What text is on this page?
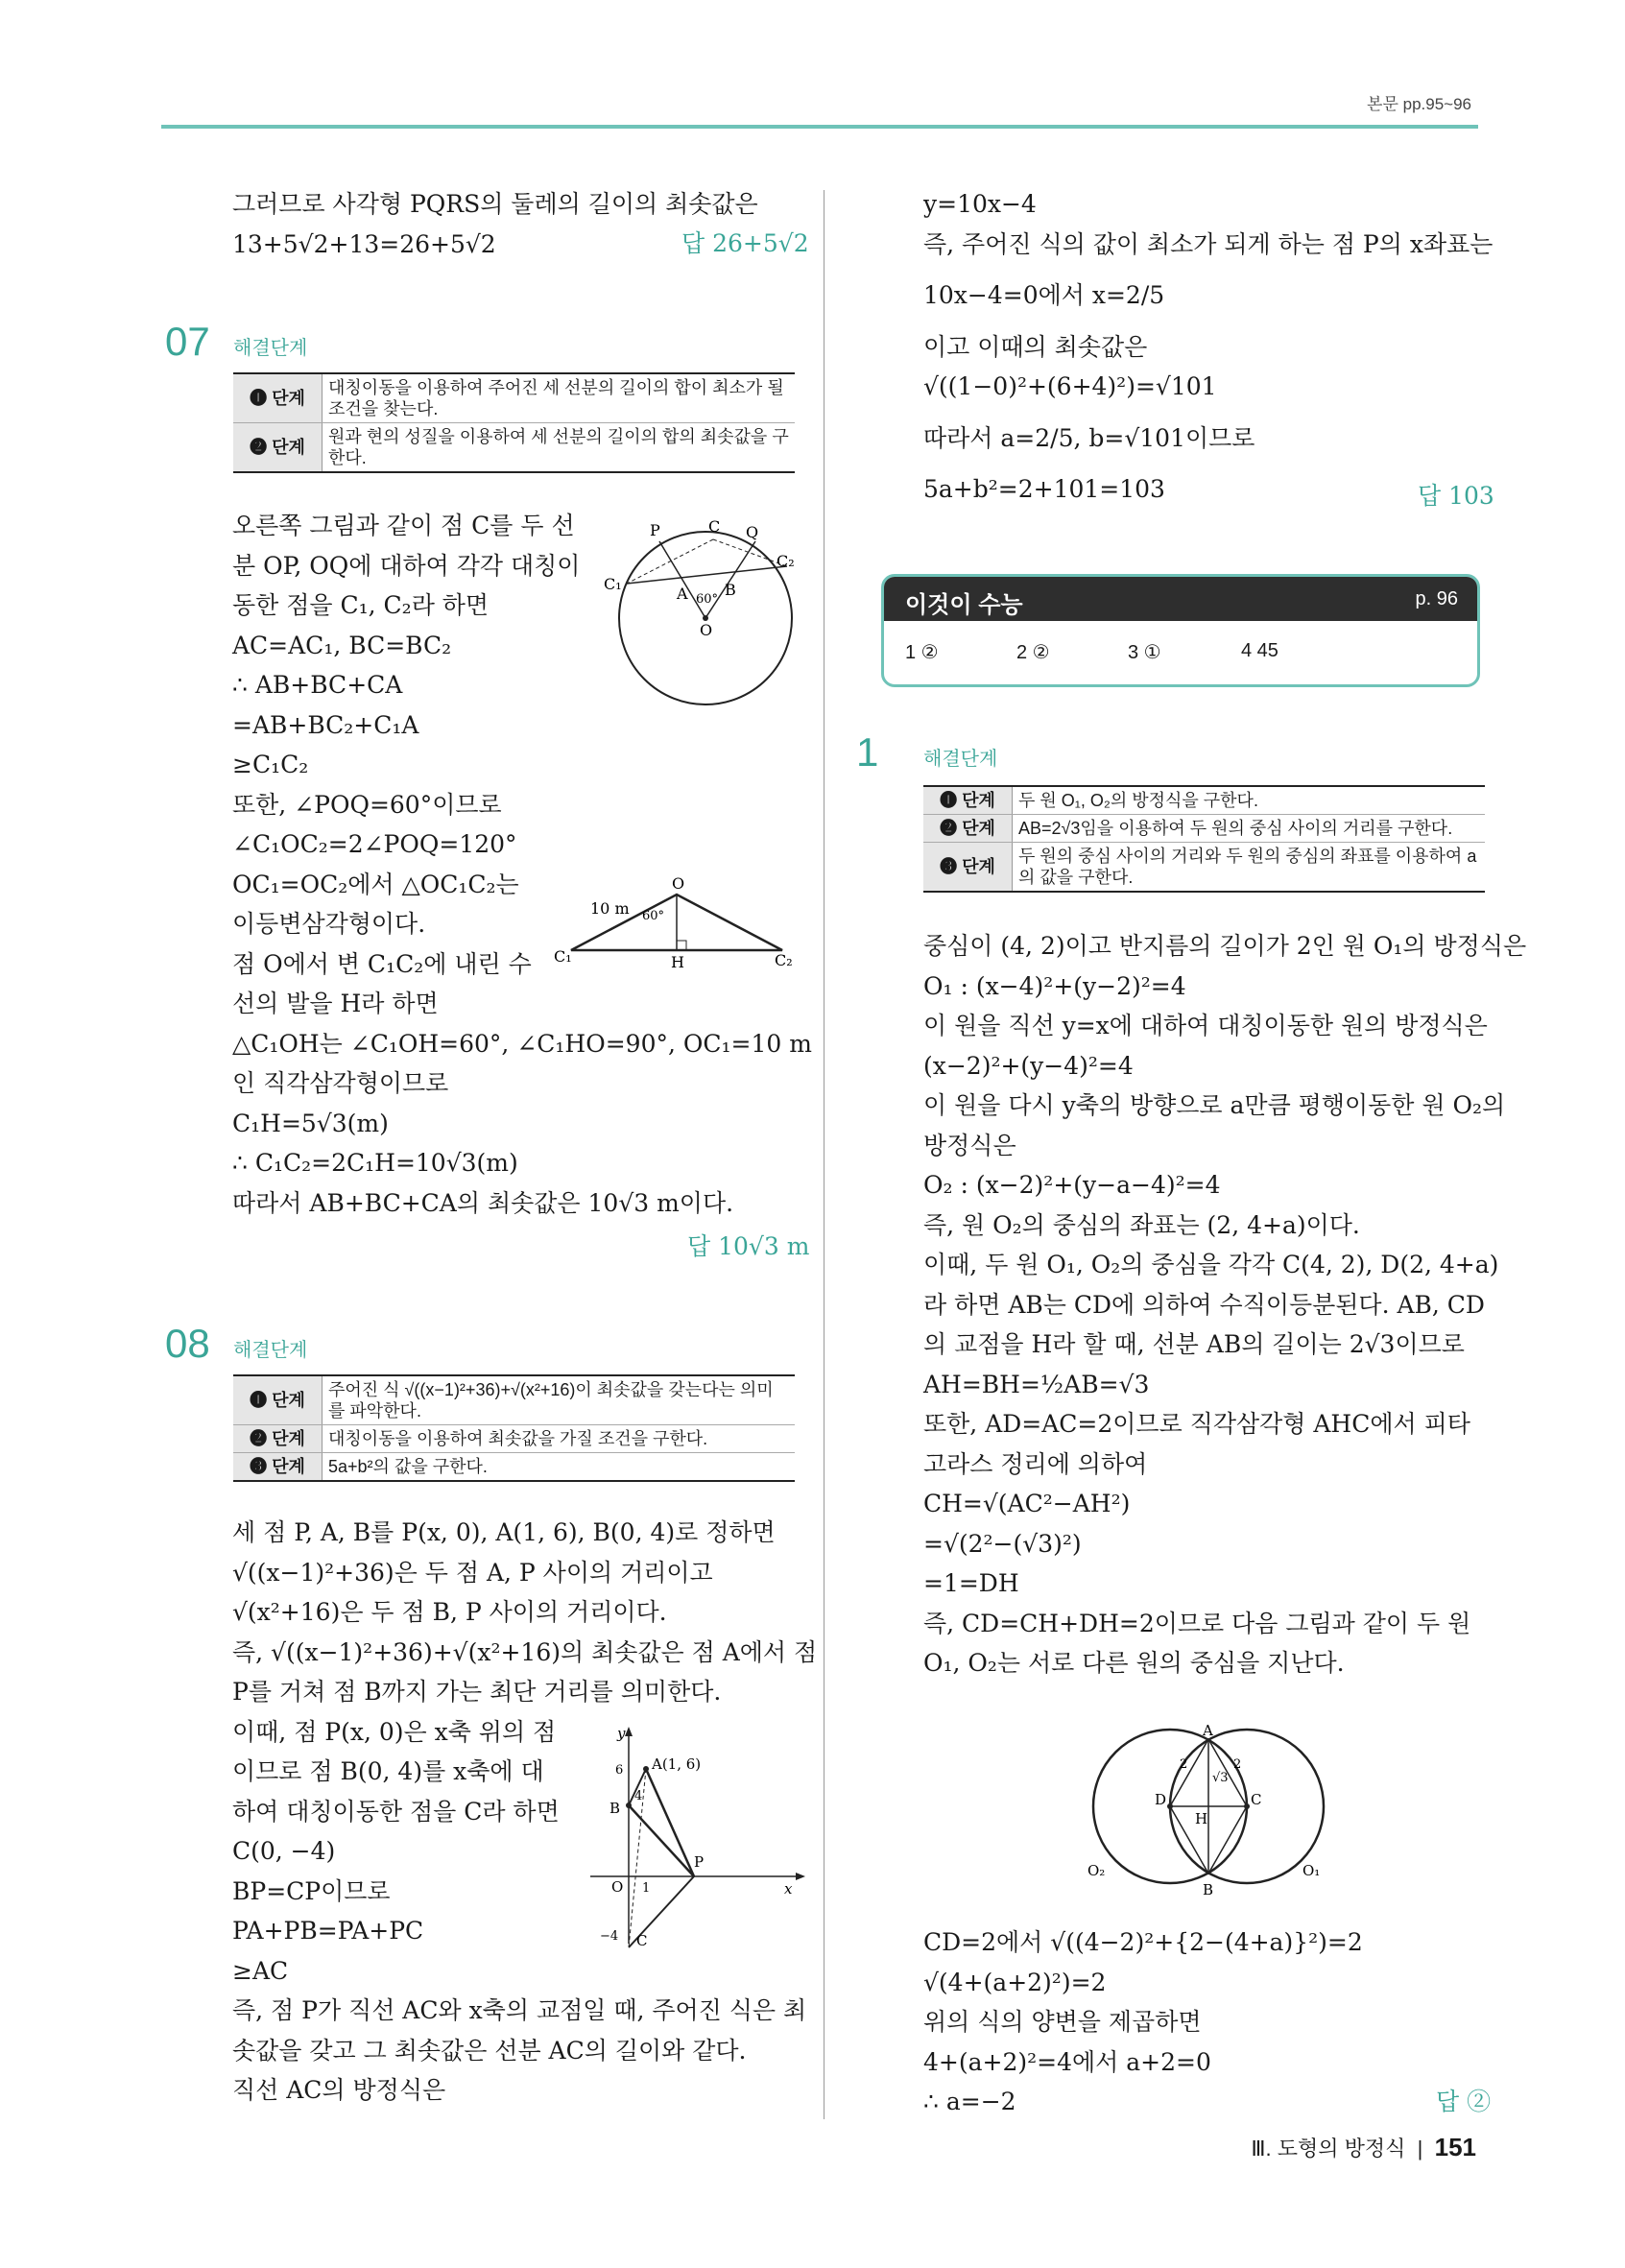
본문 pp.95~96
그러므로 사각형 PQRS의 둘레의 길이의 최솟값은
13+5√2+13=26+5√2	답 26+5√2
07 해결단계
❶ 단계	대칭이동을 이용하여 주어진 세 선분의 길이의 합이 최소가 될 조건을 찾는다.
❷ 단계	원과 현의 성질을 이용하여 세 선분의 길이의 합의 최솟값을 구한다.
오른쪽 그림과 같이 점 C를 두 선
분 OP, OQ에 대하여 각각 대칭이
동한 점을 C₁, C₂라 하면
AC=AC₁, BC=BC₂
∴ AB+BC+CA
=AB+BC₂+C₁A
≥C₁C₂
또한, ∠POQ=60°이므로
∠C₁OC₂=2∠POQ=120°
OC₁=OC₂에서 △OC₁C₂는
이등변삼각형이다.
점 O에서 변 C₁C₂에 내린 수
선의 발을 H라 하면
△C₁OH는 ∠C₁OH=60°, ∠C₁HO=90°, OC₁=10 m
인 직각삼각형이므로
C₁H=5√3(m)
∴ C₁C₂=2C₁H=10√3(m)
따라서 AB+BC+CA의 최솟값은 10√3 m이다.
답 10√3 m
P	C Q
C₁
C₂
A B
60°
O
O
C₁	C₂
H
10 m 60°
08 해결단계
❶ 단계	주어진 식 √((x−1)²+36)+√(x²+16)이 최솟값을 갖는다는 의미를 파악한다.
❷ 단계	대칭이동을 이용하여 최솟값을 가질 조건을 구한다.
❸ 단계	5a+b²의 값을 구한다.
세 점 P, A, B를 P(x, 0), A(1, 6), B(0, 4)로 정하면
√((x−1)²+36)은 두 점 A, P 사이의 거리이고
√(x²+16)은 두 점 B, P 사이의 거리이다.
즉, √((x−1)²+36)+√(x²+16)의 최솟값은 점 A에서 점
P를 거쳐 점 B까지 가는 최단 거리를 의미한다.
이때, 점 P(x, 0)은 x축 위의 점
이므로 점 B(0, 4)를 x축에 대
하여 대칭이동한 점을 C라 하면
C(0, −4)
BP=CP이므로
PA+PB=PA+PC
≥AC
즉, 점 P가 직선 AC와 x축의 교점일 때, 주어진 식은 최
솟값을 갖고 그 최솟값은 선분 AC의 길이와 같다.
직선 AC의 방정식은
y
x
A(1, 6)
B
P
C
O
6
4
−4
1
y=10x−4
즉, 주어진 식의 값이 최소가 되게 하는 점 P의 x좌표는
10x−4=0에서 x=2/5
이고 이때의 최솟값은
√((1−0)²+(6+4)²)=√101
따라서 a=2/5, b=√101이므로
5a+b²=2+101=103	답 103
이것이 수능	p. 96
1 ②	2 ②	3 ①	4 45
1 해결단계
❶ 단계	두 원 O₁, O₂의 방정식을 구한다.
❷ 단계	AB=2√3임을 이용하여 두 원의 중심 사이의 거리를 구한다.
❸ 단계	두 원의 중심 사이의 거리와 두 원의 중심의 좌표를 이용하여 a의 값을 구한다.
중심이 (4, 2)이고 반지름의 길이가 2인 원 O₁의 방정식은
O₁ : (x−4)²+(y−2)²=4
이 원을 직선 y=x에 대하여 대칭이동한 원의 방정식은
(x−2)²+(y−4)²=4
이 원을 다시 y축의 방향으로 a만큼 평행이동한 원 O₂의
방정식은
O₂ : (x−2)²+(y−a−4)²=4
즉, 원 O₂의 중심의 좌표는 (2, 4+a)이다.
이때, 두 원 O₁, O₂의 중심을 각각 C(4, 2), D(2, 4+a)
라 하면 AB는 CD에 의하여 수직이등분된다. AB, CD
의 교점을 H라 할 때, 선분 AB의 길이는 2√3이므로
AH=BH=½AB=√3
또한, AD=AC=2이므로 직각삼각형 AHC에서 피타
고라스 정리에 의하여
CH=√(AC²−AH²)
=√(2²−(√3)²)
=1=DH
즉, CD=CH+DH=2이므로 다음 그림과 같이 두 원
O₁, O₂는 서로 다른 원의 중심을 지난다.
A
B
C
D
H
O₂	O₁
2	2
√3
CD=2에서 √((4−2)²+{2−(4+a)}²)=2
√(4+(a+2)²)=2
위의 식의 양변을 제곱하면
4+(a+2)²=4에서 a+2=0
∴ a=−2	답 ②
Ⅲ. 도형의 방정식  |  151
